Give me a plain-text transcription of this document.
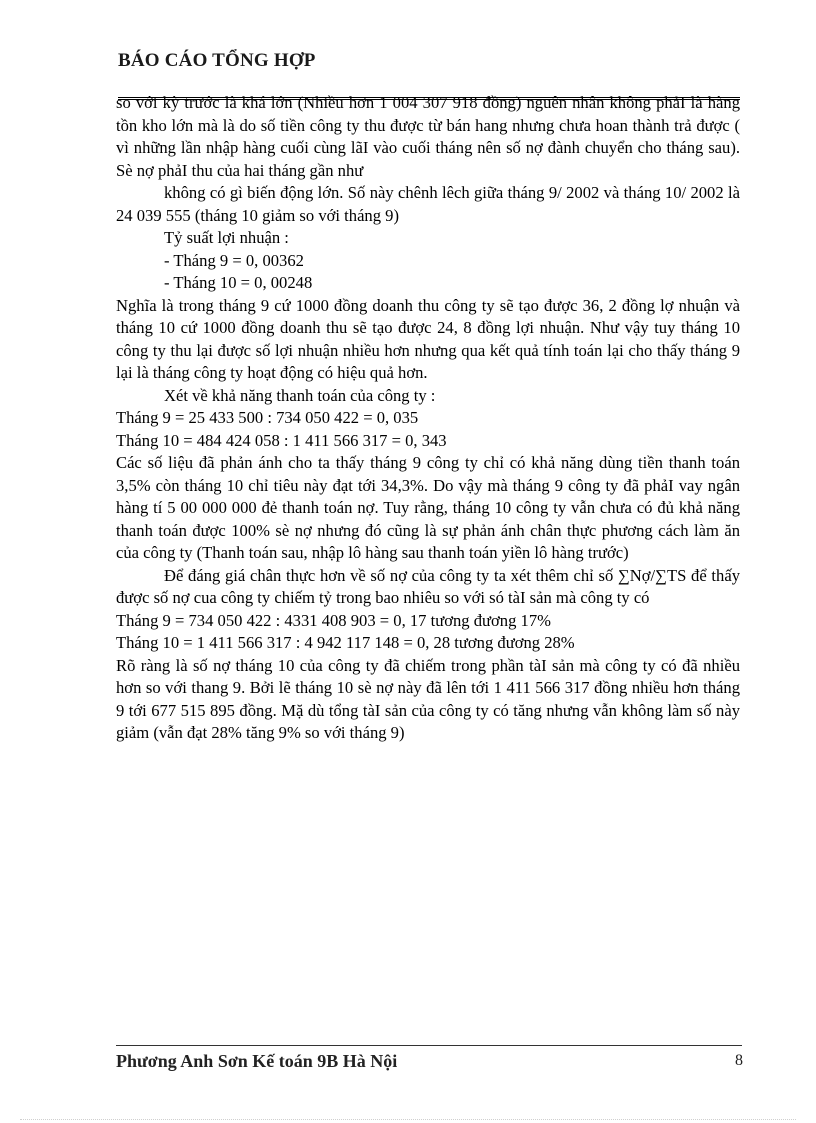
BÁO CÁO TỔNG HỢP

so với kỳ trước là khá lớn (Nhiều hơn 1 004 307 918 đồng) nguên nhân không phảI là hàng tồn kho lớn mà là do số tiền công ty thu được từ bán hang nhưng chưa hoan thành trả được ( vì những lần nhập hàng cuối cùng lãI vào cuối tháng nên số nợ đành chuyển cho tháng sau). Sè nợ phảI thu của hai tháng gần như

không có gì biến động lớn. Số này chênh lêch giữa tháng 9/ 2002 và tháng 10/ 2002 là 24 039 555 (tháng 10 giảm so với tháng 9)

Tỷ suất lợi nhuận :

- Tháng 9 = 0, 00362

- Tháng 10 = 0, 00248

Nghĩa là trong tháng 9 cứ 1000 đồng doanh thu công ty sẽ tạo được 36, 2 đồng lợ nhuận và tháng 10 cứ 1000 đồng doanh thu sẽ tạo được 24, 8 đồng lợi nhuận. Như vậy tuy tháng 10 công ty thu lại được số lợi nhuận nhiều hơn nhưng qua kết quả tính toán lại cho thấy tháng 9 lại là tháng công ty hoạt động có hiệu quả hơn.

Xét về khả năng thanh toán của công ty :

Tháng 9 = 25 433 500 : 734 050 422 = 0, 035

Tháng 10 = 484 424 058 : 1 411 566 317 = 0, 343

Các số liệu đã phản ánh cho ta thấy tháng 9 công ty chỉ có khả năng dùng tiền thanh toán 3,5% còn tháng 10 chỉ tiêu này đạt tới 34,3%. Do vậy mà tháng 9 công ty đã phảI vay ngân hàng tí 5 00 000 000 đẻ thanh toán nợ. Tuy rằng, tháng 10 công ty vẫn chưa có đủ khả năng thanh toán được 100% sè nợ nhưng đó cũng là sự phản ánh chân thực phương cách làm ăn của công ty (Thanh toán sau, nhập lô hàng sau thanh toán yiền lô hàng trước)

Để đáng giá chân thực hơn về số nợ của công ty ta xét thêm chỉ số ∑Nợ/∑TS để thấy được số nợ cua công ty chiếm tỷ trong bao nhiêu so với só tàI sản mà công ty có

Tháng 9 = 734 050 422 : 4331 408 903 = 0, 17 tương đương 17%

Tháng 10 = 1 411 566 317 : 4 942 117 148 = 0, 28 tương đương 28%

Rõ ràng là số nợ tháng 10 của công ty đã chiếm trong phần tàI sản mà công ty có đã nhiều hơn so với thang 9. Bởi lẽ tháng 10 sè nợ này đã lên tới 1 411 566 317 đồng nhiều hơn tháng 9 tới 677 515 895 đồng. Mặ dù tổng tàI sản của công ty có tăng nhưng vẫn không làm số này giảm (vẫn đạt 28% tăng 9% so với tháng 9)

Phương Anh Sơn Kế toán 9B Hà Nội	8
